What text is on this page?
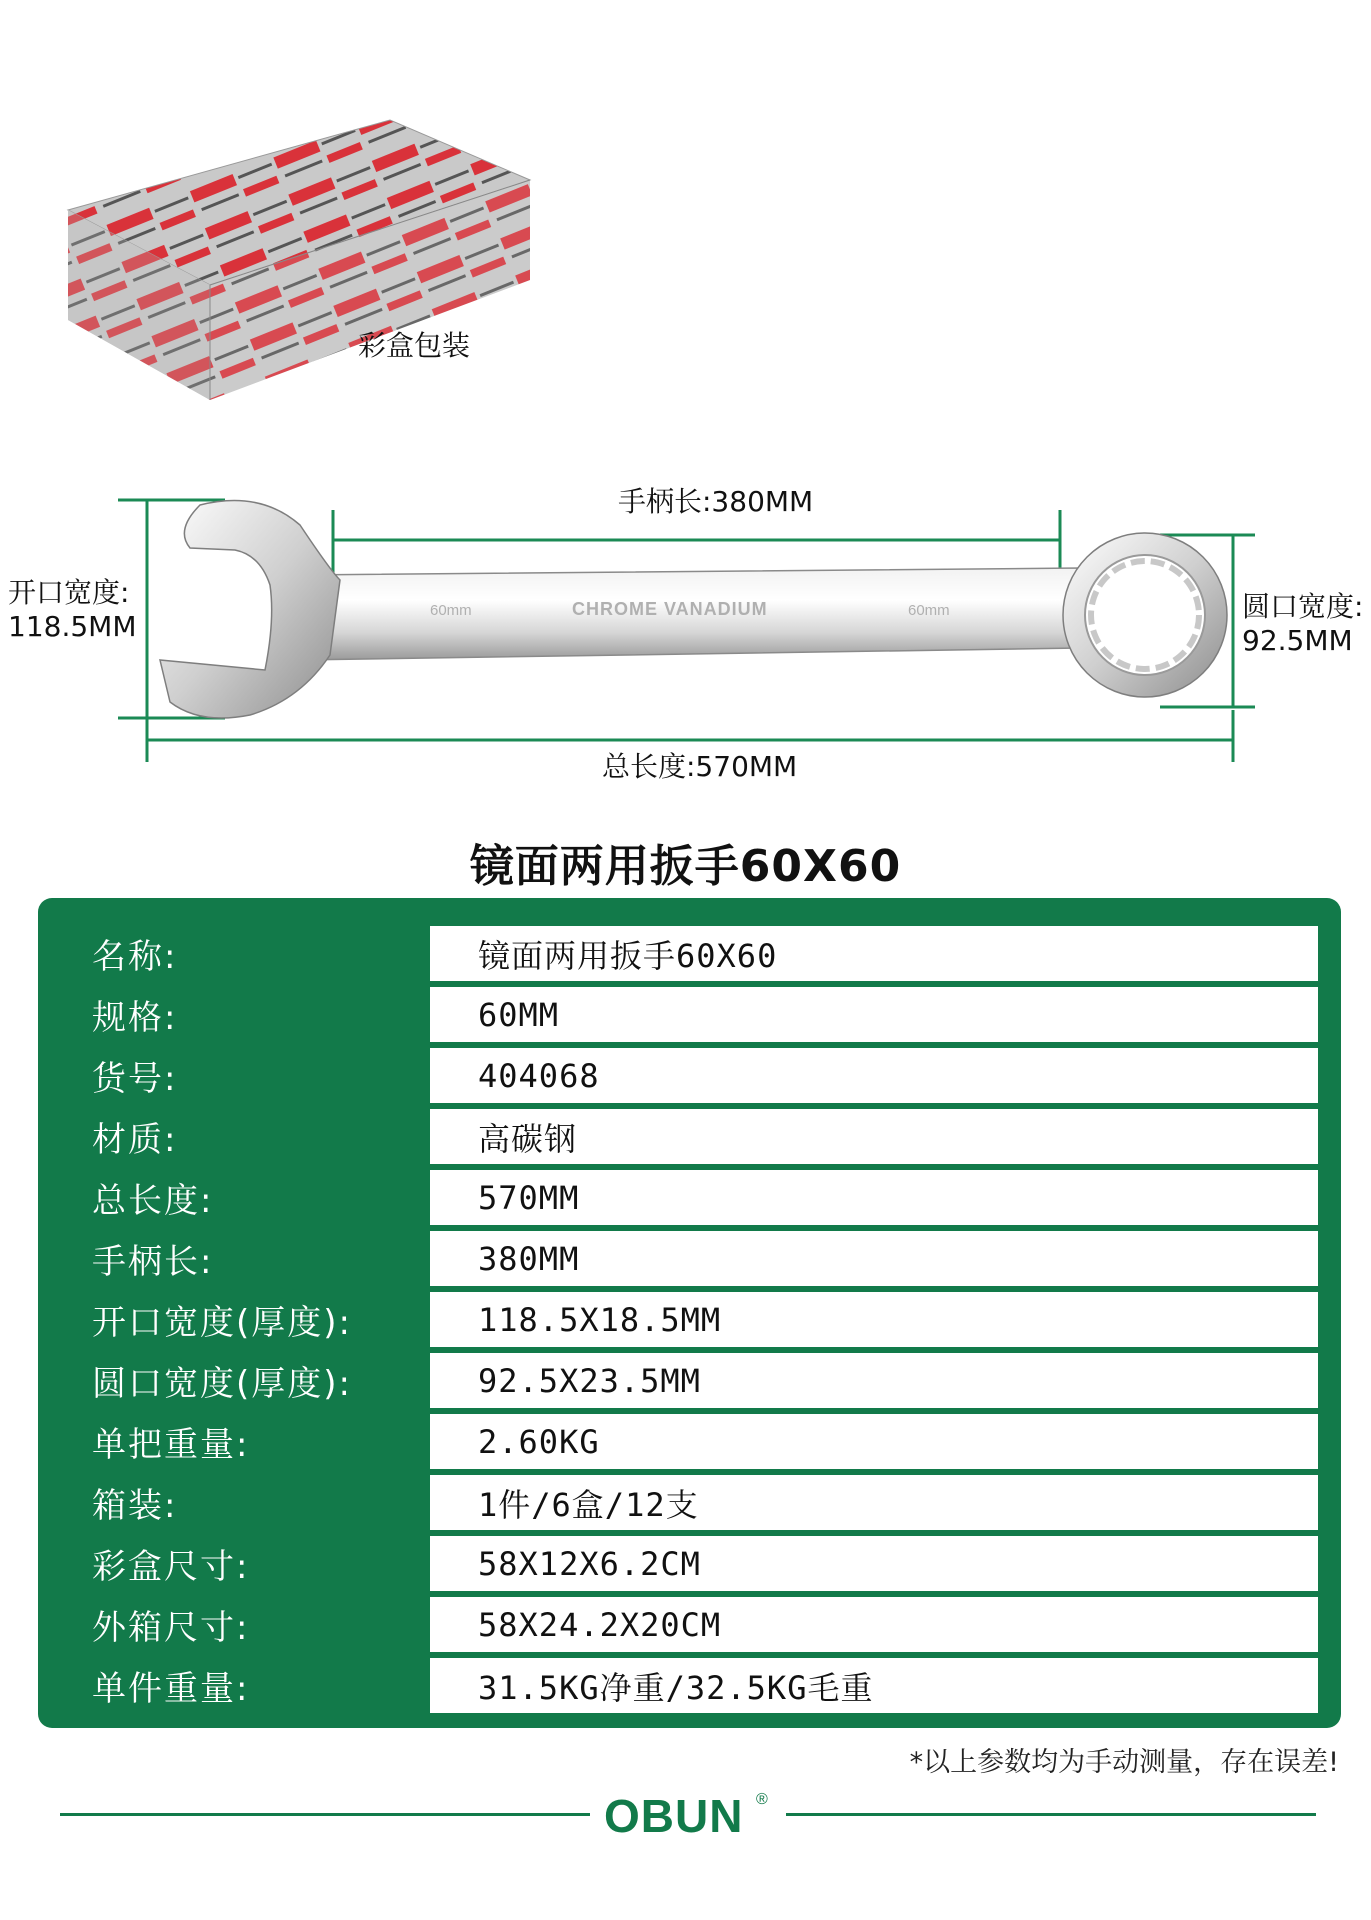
彩盒包装
60mm	CHROME VANADIUM	60mm
手柄长:380MM
总长度:570MM
开口宽度:
118.5MM
圆口宽度:
92.5MM
镜面两用扳手60X60
名称:	镜面两用扳手60X60
规格:	60MM
货号:	404068
材质:	高碳钢
总长度:	570MM
手柄长:	380MM
开口宽度(厚度):	118.5X18.5MM
圆口宽度(厚度):	92.5X23.5MM
单把重量:	2.60KG
箱装:	1件/6盒/12支
彩盒尺寸:	58X12X6.2CM
外箱尺寸:	58X24.2X20CM
单件重量:	31.5KG净重/32.5KG毛重
*以上参数均为手动测量，存在误差!
OBUN ®
